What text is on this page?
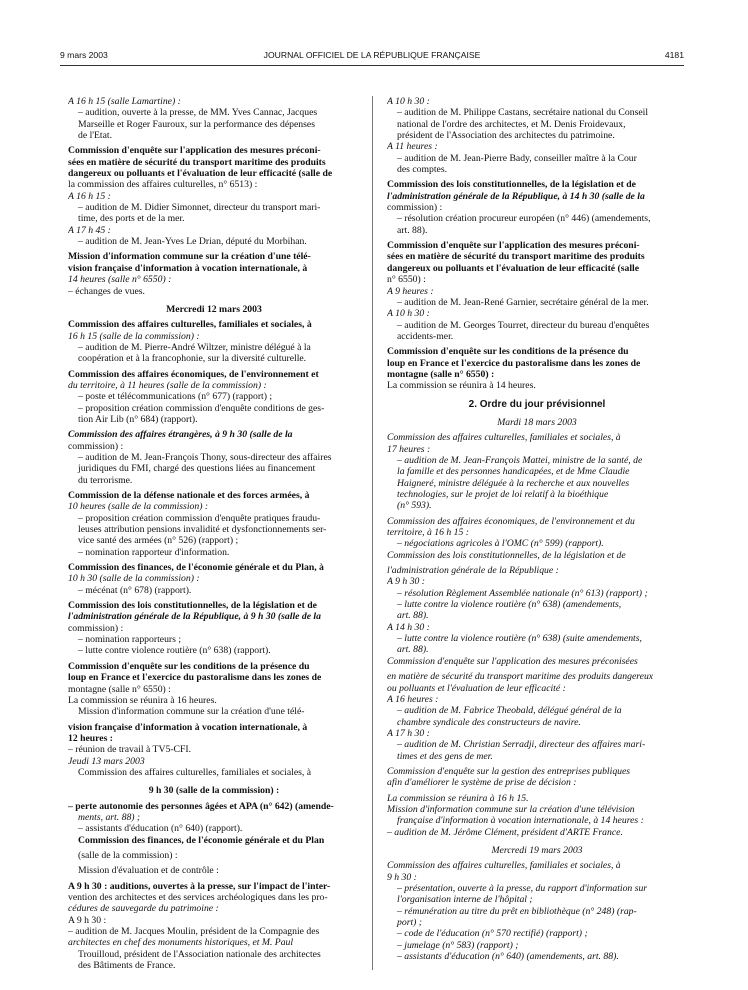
9 mars 2003	JOURNAL OFFICIEL DE LA RÉPUBLIQUE FRANÇAISE	4181
A 16 h 15 (salle Lamartine) :
– audition, ouverte à la presse, de MM. Yves Cannac, Jacques
Marseille et Roger Fauroux, sur la performance des dépenses
de l'Etat.
Commission d'enquête sur l'application des mesures préconi-
sées en matière de sécurité du transport maritime des produits
dangereux ou polluants et l'évaluation de leur efficacité (salle de
la commission des affaires culturelles, n° 6513) :
A 16 h 15 :
– audition de M. Didier Simonnet, directeur du transport mari-
time, des ports et de la mer.
A 17 h 45 :
– audition de M. Jean-Yves Le Drian, député du Morbihan.
Mission d'information commune sur la création d'une télé-
vision française d'information à vocation internationale, à
14 heures (salle n° 6550) :
– échanges de vues.
Mercredi 12 mars 2003
Commission des affaires culturelles, familiales et sociales, à
16 h 15 (salle de la commission) :
– audition de M. Pierre-André Wiltzer, ministre délégué à la
coopération et à la francophonie, sur la diversité culturelle.
Commission des affaires économiques, de l'environnement et
du territoire, à 11 heures (salle de la commission) :
– poste et télécommunications (n° 677) (rapport) ;
– proposition création commission d'enquête conditions de ges-
tion Air Lib (n° 684) (rapport).
Commission des affaires étrangères, à 9 h 30 (salle de la
commission) :
– audition de M. Jean-François Thony, sous-directeur des affaires
juridiques du FMI, chargé des questions liées au financement
du terrorisme.
Commission de la défense nationale et des forces armées, à
10 heures (salle de la commission) :
– proposition création commission d'enquête pratiques fraudu-
leuses attribution pensions invalidité et dysfonctionnements ser-
vice santé des armées (n° 526) (rapport) ;
– nomination rapporteur d'information.
Commission des finances, de l'économie générale et du Plan, à
10 h 30 (salle de la commission) :
– mécénat (n° 678) (rapport).
Commission des lois constitutionnelles, de la législation et de
l'administration générale de la République, à 9 h 30 (salle de la
commission) :
– nomination rapporteurs ;
– lutte contre violence routière (n° 638) (rapport).
Commission d'enquête sur les conditions de la présence du
loup en France et l'exercice du pastoralisme dans les zones de
montagne (salle n° 6550) :
La commission se réunira à 16 heures.
Mission d'information commune sur la création d'une télé-
vision française d'information à vocation internationale, à
12 heures :
– réunion de travail à TV5-CFI.
Jeudi 13 mars 2003
Commission des affaires culturelles, familiales et sociales, à
9 h 30 (salle de la commission) :
– perte autonomie des personnes âgées et APA (n° 642) (amende-
ments, art. 88) ;
– assistants d'éducation (n° 640) (rapport).
Commission des finances, de l'économie générale et du Plan
(salle de la commission) :
Mission d'évaluation et de contrôle :
A 9 h 30 : auditions, ouvertes à la presse, sur l'impact de l'inter-
vention des architectes et des services archéologiques dans les pro-
cédures de sauvegarde du patrimoine :
A 9 h 30 :
– audition de M. Jacques Moulin, président de la Compagnie des
architectes en chef des monuments historiques, et M. Paul
Trouilloud, président de l'Association nationale des architectes
des Bâtiments de France.
A 10 h 30 :
– audition de M. Philippe Castans, secrétaire national du Conseil
national de l'ordre des architectes, et M. Denis Froidevaux,
président de l'Association des architectes du patrimoine.
A 11 heures :
– audition de M. Jean-Pierre Bady, conseiller maître à la Cour
des comptes.
Commission des lois constitutionnelles, de la législation et de
l'administration générale de la République, à 14 h 30 (salle de la
commission) :
– résolution création procureur européen (n° 446) (amendements,
art. 88).
Commission d'enquête sur l'application des mesures préconi-
sées en matière de sécurité du transport maritime des produits
dangereux ou polluants et l'évaluation de leur efficacité (salle
n° 6550) :
A 9 heures :
– audition de M. Jean-René Garnier, secrétaire général de la mer.
A 10 h 30 :
– audition de M. Georges Tourret, directeur du bureau d'enquêtes
accidents-mer.
Commission d'enquête sur les conditions de la présence du
loup en France et l'exercice du pastoralisme dans les zones de
montagne (salle n° 6550) :
La commission se réunira à 14 heures.
2. Ordre du jour prévisionnel
Mardi 18 mars 2003
Commission des affaires culturelles, familiales et sociales, à
17 heures :
– audition de M. Jean-François Mattei, ministre de la santé, de
la famille et des personnes handicapées, et de Mme Claudie
Haigneré, ministre déléguée à la recherche et aux nouvelles
technologies, sur le projet de loi relatif à la bioéthique
(n° 593).
Commission des affaires économiques, de l'environnement et du
territoire, à 16 h 15 :
– négociations agricoles à l'OMC (n° 599) (rapport).
Commission des lois constitutionnelles, de la législation et de
l'administration générale de la République :
A 9 h 30 :
– résolution Règlement Assemblée nationale (n° 613) (rapport) ;
– lutte contre la violence routière (n° 638) (amendements,
art. 88).
A 14 h 30 :
– lutte contre la violence routière (n° 638) (suite amendements,
art. 88).
Commission d'enquête sur l'application des mesures préconisées
en matière de sécurité du transport maritime des produits dangereux
ou polluants et l'évaluation de leur efficacité :
A 16 heures :
– audition de M. Fabrice Theobald, délégué général de la
chambre syndicale des constructeurs de navire.
A 17 h 30 :
– audition de M. Christian Serradji, directeur des affaires mari-
times et des gens de mer.
Commission d'enquête sur la gestion des entreprises publiques
afin d'améliorer le système de prise de décision :
La commission se réunira à 16 h 15.
Mission d'information commune sur la création d'une télévision
française d'information à vocation internationale, à 14 heures :
– audition de M. Jérôme Clément, président d'ARTE France.
Mercredi 19 mars 2003
Commission des affaires culturelles, familiales et sociales, à
9 h 30 :
– présentation, ouverte à la presse, du rapport d'information sur
l'organisation interne de l'hôpital ;
– rémunération au titre du prêt en bibliothèque (n° 248) (rap-
port) ;
– code de l'éducation (n° 570 rectifié) (rapport) ;
– jumelage (n° 583) (rapport) ;
– assistants d'éducation (n° 640) (amendements, art. 88).
